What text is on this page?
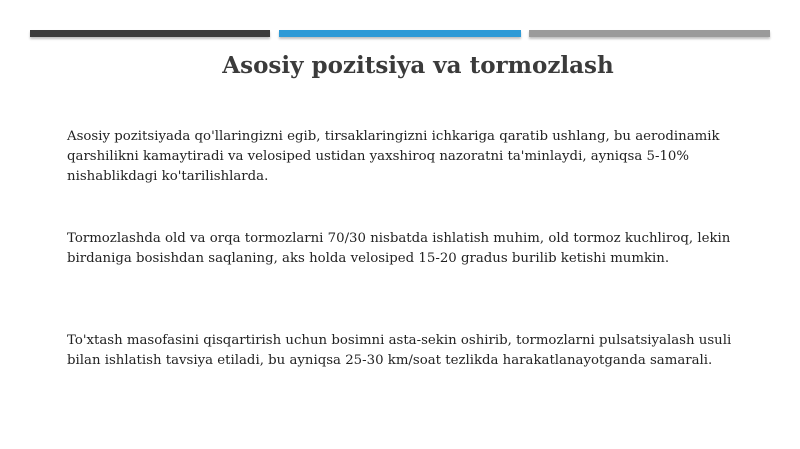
Asosiy pozitsiya va tormozlash

Asosiy pozitsiyada qo'llaringizni egib, tirsaklaringizni ichkariga qaratib ushlang, bu aerodinamik qarshilikni kamaytiradi va velosiped ustidan yaxshiroq nazoratni ta'minlaydi, ayniqsa 5-10% nishablikdagi ko'tarilishlarda.

Tormozlashda old va orqa tormozlarni 70/30 nisbatda ishlatish muhim, old tormoz kuchliroq, lekin birdaniga bosishdan saqlaning, aks holda velosiped 15-20 gradus burilib ketishi mumkin.

To'xtash masofasini qisqartirish uchun bosimni asta-sekin oshirib, tormozlarni pulsatsiyalash usuli bilan ishlatish tavsiya etiladi, bu ayniqsa 25-30 km/soat tezlikda harakatlanayotganda samarali.
